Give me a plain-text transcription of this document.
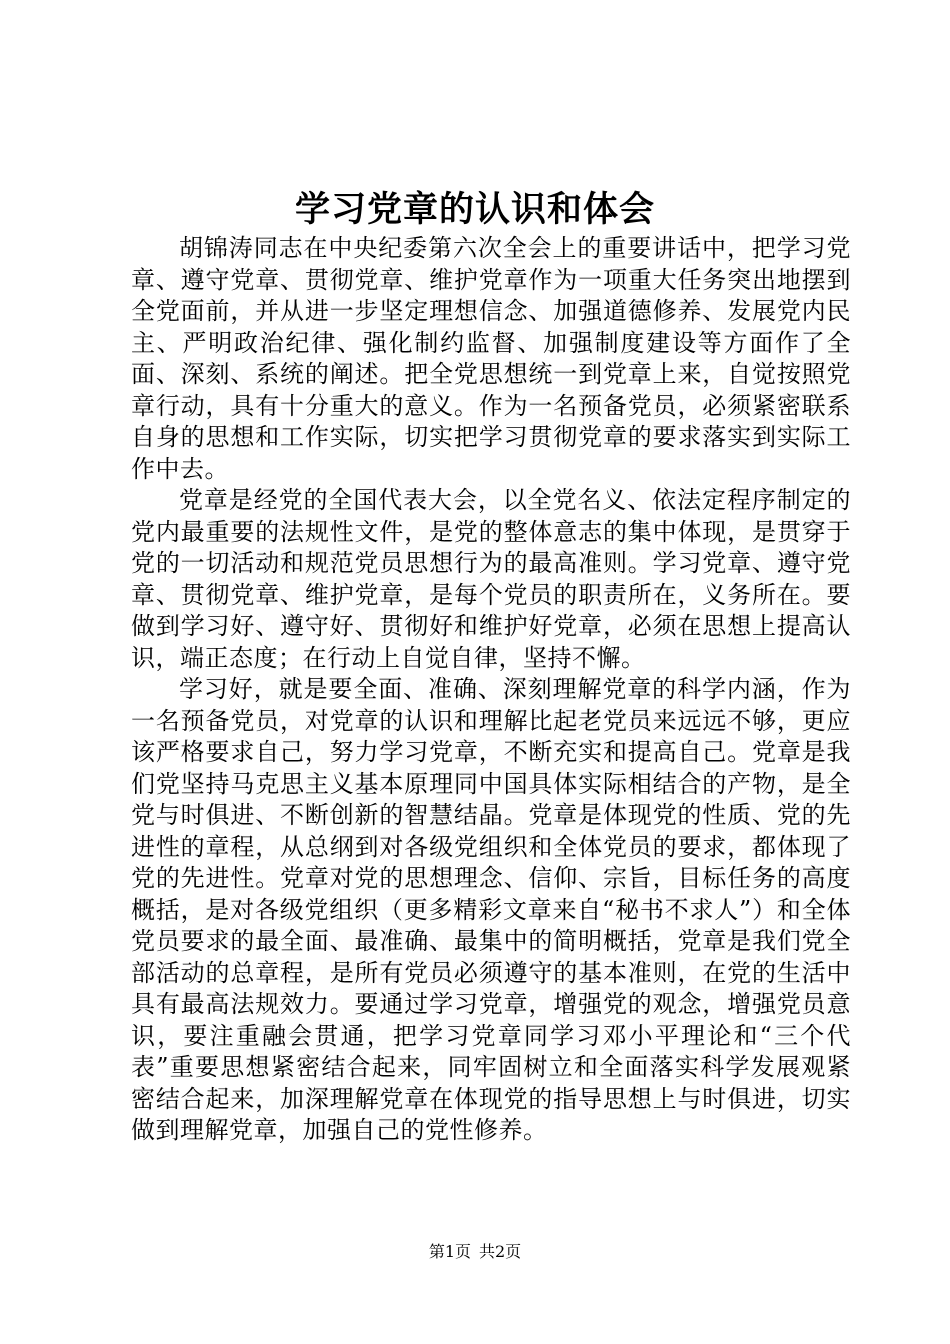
学习党章的认识和体会

胡锦涛同志在中央纪委第六次全会上的重要讲话中，把学习党章、遵守党章、贯彻党章、维护党章作为一项重大任务突出地摆到全党面前，并从进一步坚定理想信念、加强道德修养、发展党内民主、严明政治纪律、强化制约监督、加强制度建设等方面作了全面、深刻、系统的阐述。把全党思想统一到党章上来，自觉按照党章行动，具有十分重大的意义。作为一名预备党员，必须紧密联系自身的思想和工作实际，切实把学习贯彻党章的要求落实到实际工作中去。

党章是经党的全国代表大会，以全党名义、依法定程序制定的党内最重要的法规性文件，是党的整体意志的集中体现，是贯穿于党的一切活动和规范党员思想行为的最高准则。学习党章、遵守党章、贯彻党章、维护党章，是每个党员的职责所在，义务所在。要做到学习好、遵守好、贯彻好和维护好党章，必须在思想上提高认识，端正态度；在行动上自觉自律，坚持不懈。

学习好，就是要全面、准确、深刻理解党章的科学内涵，作为一名预备党员，对党章的认识和理解比起老党员来远远不够，更应该严格要求自己，努力学习党章，不断充实和提高自己。党章是我们党坚持马克思主义基本原理同中国具体实际相结合的产物，是全党与时俱进、不断创新的智慧结晶。党章是体现党的性质、党的先进性的章程，从总纲到对各级党组织和全体党员的要求，都体现了党的先进性。党章对党的思想理念、信仰、宗旨，目标任务的高度概括，是对各级党组织（更多精彩文章来自“秘书不求人”）和全体党员要求的最全面、最准确、最集中的简明概括，党章是我们党全部活动的总章程，是所有党员必须遵守的基本准则，在党的生活中具有最高法规效力。要通过学习党章，增强党的观念，增强党员意识，要注重融会贯通，把学习党章同学习邓小平理论和“三个代表”重要思想紧密结合起来，同牢固树立和全面落实科学发展观紧密结合起来，加深理解党章在体现党的指导思想上与时俱进，切实做到理解党章，加强自己的党性修养。

第1页 共2页
